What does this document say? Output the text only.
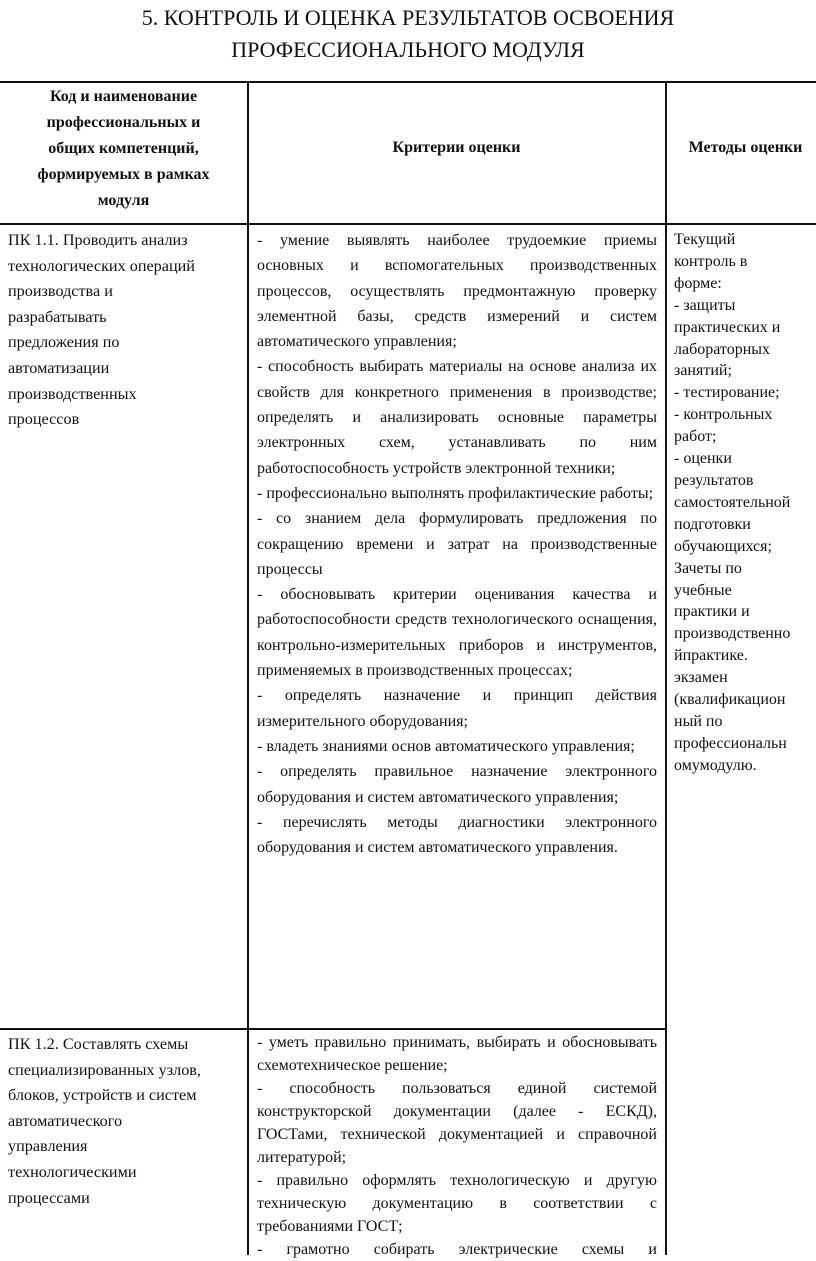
5. КОНТРОЛЬ И ОЦЕНКА РЕЗУЛЬТАТОВ ОСВОЕНИЯ
ПРОФЕССИОНАЛЬНОГО МОДУЛЯ
Код и наименование
профессиональных и
общих компетенций,
формируемых в рамках
модуля
Критерии оценки	Методы оценки
ПК 1.1. Проводить анализ
технологических операций
производства и
разрабатывать
предложения по
автоматизации
производственных
процессов

- умение выявлять наиболее трудоемкие приемы основных и вспомогательных производственных процессов, осуществлять предмонтажную проверку элементной базы, средств измерений и систем автоматического управления;

- способность выбирать материалы на основе анализа их свойств для конкретного применения в производстве; определять и анализировать основные параметры электронных схем, устанавливать по ним работоспособность устройств электронной техники;

- профессионально выполнять профилактические работы;

- со знанием дела формулировать предложения по сокращению времени и затрат на производственные процессы

- обосновывать критерии оценивания качества и работоспособности средств технологического оснащения, контрольно-измерительных приборов и инструментов, применяемых в производственных процессах;

- определять назначение и принцип действия измерительного оборудования;

- владеть знаниями основ автоматического управления;

- определять правильное назначение электронного оборудования и систем автоматического управления;

- перечислять методы диагностики электронного оборудования и систем автоматического управления.

Текущий
контроль в
форме:
- защиты
практических и
лабораторных
занятий;
- тестирование;
- контрольных
работ;
- оценки
результатов
самостоятельной
подготовки
обучающихся;
Зачеты по
учебные
практики и
производственно
йпрактике.
экзамен
(квалификацион
ный по
профессиональн
омумодулю.
ПК 1.2. Составлять схемы
специализированных узлов,
блоков, устройств и систем
автоматического
управления
технологическими
процессами

- уметь правильно принимать, выбирать и обосновывать схемотехническое решение;

- способность пользоваться единой системой конструкторской документации (далее - ЕСКД), ГОСТами, технической документацией и справочной литературой;

- правильно оформлять технологическую и другую техническую документацию в соответствии с требованиями ГОСТ;

- грамотно собирать электрические схемы и
